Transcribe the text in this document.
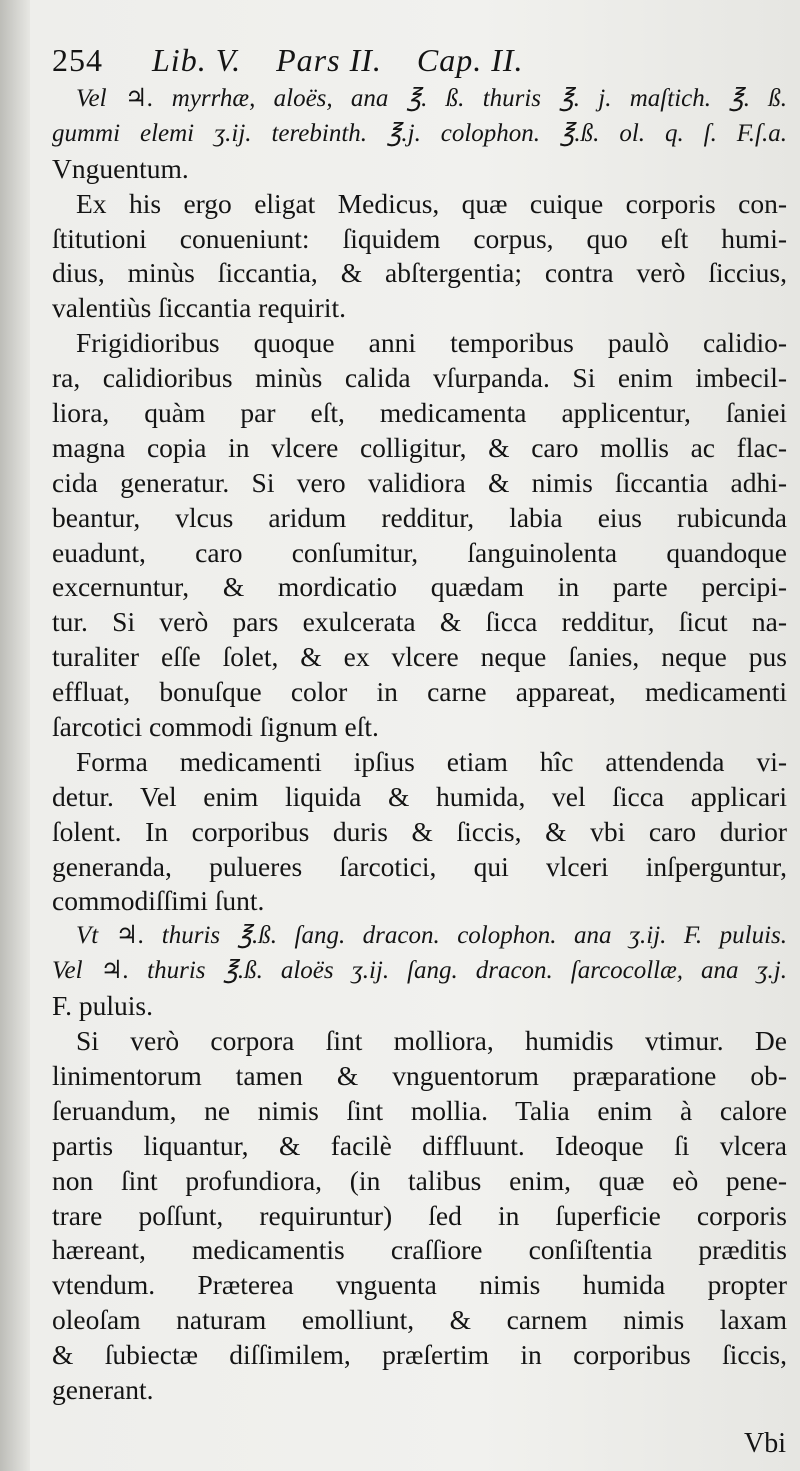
254 Lib. V. Pars II. Cap. II.
Vel ♃. myrrhæ, aloës, ana ℥. ß. thuris ℥. j. maſtich. ℥. ß.
gummi elemi ʒ.ij. terebinth. ℥.j. colophon. ℥.ß. ol. q. ſ. F.ſ.a.
Vnguentum.
Ex his ergo eligat Medicus, quæ cuique corporis con-
ſtitutioni conueniunt: ſiquidem corpus, quo eſt humi-
dius, minùs ſiccantia, & abſtergentia; contra verò ſiccius,
valentiùs ſiccantia requirit.
Frigidioribus quoque anni temporibus paulò calidio-
ra, calidioribus minùs calida vſurpanda. Si enim imbecil-
liora, quàm par eſt, medicamenta applicentur, ſaniei
magna copia in vlcere colligitur, & caro mollis ac flac-
cida generatur. Si vero validiora & nimis ſiccantia adhi-
beantur, vlcus aridum redditur, labia eius rubicunda
euadunt, caro conſumitur, ſanguinolenta quandoque
excernuntur, & mordicatio quædam in parte percipi-
tur. Si verò pars exulcerata & ſicca redditur, ſicut na-
turaliter eſſe ſolet, & ex vlcere neque ſanies, neque pus
effluat, bonuſque color in carne appareat, medicamenti
ſarcotici commodi ſignum eſt.
Forma medicamenti ipſius etiam hîc attendenda vi-
detur. Vel enim liquida & humida, vel ſicca applicari
ſolent. In corporibus duris & ſiccis, & vbi caro durior
generanda, pulueres ſarcotici, qui vlceri inſperguntur,
commodiſſimi ſunt.
Vt ♃. thuris ℥.ß. ſang. dracon. colophon. ana ʒ.ij. F. puluis.
Vel ♃. thuris ℥.ß. aloës ʒ.ij. ſang. dracon. ſarcocollæ, ana ʒ.j.
F. puluis.
Si verò corpora ſint molliora, humidis vtimur. De
linimentorum tamen & vnguentorum præparatione ob-
ſeruandum, ne nimis ſint mollia. Talia enim à calore
partis liquantur, & facilè diffluunt. Ideoque ſi vlcera
non ſint profundiora, (in talibus enim, quæ eò pene-
trare poſſunt, requiruntur) ſed in ſuperficie corporis
hæreant, medicamentis craſſiore conſiſtentia præditis
vtendum. Præterea vnguenta nimis humida propter
oleoſam naturam emolliunt, & carnem nimis laxam
& ſubiectæ diſſimilem, præſertim in corporibus ſiccis,
generant.
Vbi
